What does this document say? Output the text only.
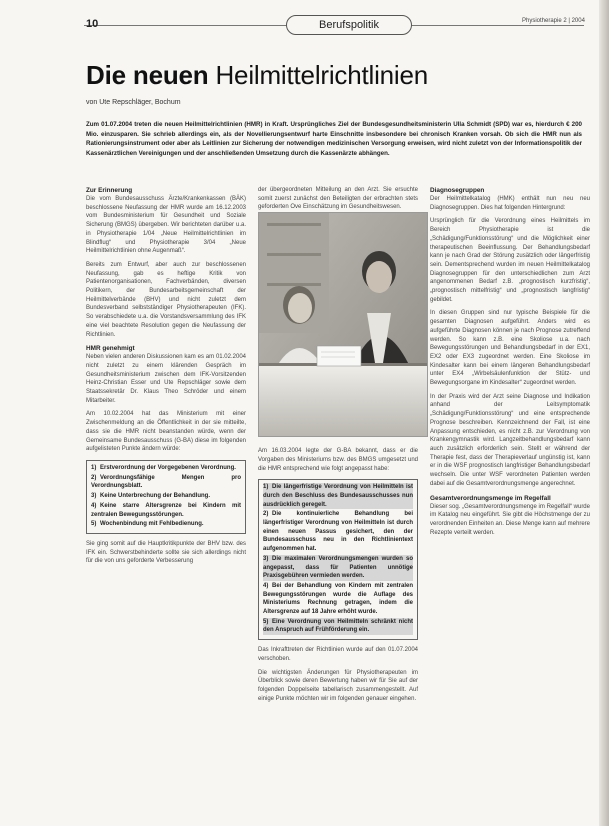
10	Berufspolitik	Physiotherapie 2 | 2004
Die neuen Heilmittelrichtlinien
von Ute Repschläger, Bochum

Zum 01.07.2004 treten die neuen Heilmittelrichtlinien (HMR) in Kraft. Ursprüngliches Ziel der Bundesgesundheitsministerin Ulla Schmidt (SPD) war es, hierdurch € 200 Mio. einzusparen. Sie schrieb allerdings ein, als der Novellierungsentwurf harte Einschnitte insbesondere bei chronisch Kranken vorsah. Ob sich die HMR nun als Rationierungsinstrument oder aber als Leitlinien zur Sicherung der notwendigen medizinischen Versorgung erweisen, wird nicht zuletzt von der Informationspolitik der Kassenärztlichen Vereinigungen und der anschließenden Umsetzung durch die Kassenärzte abhängen.

Zur Erinnerung

Die vom Bundesausschuss Ärzte/Krankenkassen (BÄK) beschlossene Neufassung der HMR wurde am 16.12.2003 vom Bundesministerium für Gesundheit und Soziale Sicherung (BMGS) übergeben. Wir berichteten darüber u.a. in Physiotherapie 1/04 „Neue Heilmittelrichtlinien im Blindflug“ und Physiotherapie 3/04 „Neue Heilmittelrichtlinien ohne Augenmaß“.

Bereits zum Entwurf, aber auch zur beschlossenen Neufassung, gab es heftige Kritik von Patientenorganisationen, Fachverbänden, diversen Politikern, der Bundesarbeitsgemeinschaft der Heilmittelverbände (BHV) und nicht zuletzt dem Bundesverband selbstständiger Physiotherapeuten (IFK). So verabschiedete u.a. die Vorstandsversammlung des IFK eine viel beachtete Resolution gegen die Neufassung der Richtlinien.

HMR genehmigt

Neben vielen anderen Diskussionen kam es am 01.02.2004 nicht zuletzt zu einem klärenden Gespräch im Gesundheitsministerium zwischen dem IFK-Vorsitzenden Heinz-Christian Esser und Ute Repschläger sowie dem Staatssekretär Dr. Klaus Theo Schröder und einem Mitarbeiter.

Am 10.02.2004 hat das Ministerium mit einer Zwischenmeldung an die Öffentlichkeit in der sie mitteilte, dass sie die HMR nicht beanstanden würde, wenn der Gemeinsame Bundesausschuss (G-BA) diese im folgenden aufgelisteten Punkte ändern würde:

1) Erstverordnung der Vorgegebenen Verordnung.
2) Verordnungsfähige Mengen pro Verordnungsblatt.
3) Keine Unterbrechung der Behandlung.
4) Keine starre Altersgrenze bei Kindern mit zentralen Bewegungsstörungen.
5) Wochenbindung mit Fehlbedienung.

Sie ging somit auf die Hauptkritikpunkte der BHV bzw. des IFK ein. Schwerstbehinderte sollte sie sich allerdings nicht für die von uns geforderte Verbesserung

der übergeordneten Mitteilung an den Arzt. Sie ersuchte somit zuerst zunächst den Beteiligten der erbrachten stets geforderten Ove Einschätzung im Gesundheitswesen.

Am 16.03.2004 legte der G-BA bekannt, dass er die Vorgaben des Ministeriums bzw. des BMGS umgesetzt und die HMR entsprechend wie folgt angepasst habe:

1) Die längerfristige Verordnung von Heilmitteln ist durch den Beschluss des Bundesausschusses nun ausdrücklich geregelt.
2) Die kontinuierliche Behandlung bei längerfristiger Verordnung von Heilmitteln ist durch einen neuen Passus gesichert, den der Bundesausschuss neu in den Richtlinientext aufgenommen hat.
3) Die maximalen Verordnungsmengen wurden so angepasst, dass für Patienten unnötige Praxisgebühren vermieden werden.
4) Bei der Behandlung von Kindern mit zentralen Bewegungsstörungen wurde die Auflage des Ministeriums Rechnung getragen, indem die Altersgrenze auf 18 Jahre erhöht wurde.
5) Eine Verordnung von Heilmitteln schränkt nicht den Anspruch auf Frühförderung ein.

Das Inkrafttreten der Richtlinien wurde auf den 01.07.2004 verschoben.

Die wichtigsten Änderungen für Physiotherapeuten im Überblick sowie deren Bewertung haben wir für Sie auf der folgenden Doppelseite tabellarisch zusammengestellt. Auf einige Punkte möchten wir im folgenden genauer eingehen.

Diagnosegruppen

Der Heilmittelkatalog (HMK) enthält nun neu neu Diagnosegruppen. Dies hat folgenden Hintergrund:

Ursprünglich für die Verordnung eines Heilmittels im Bereich Physiotherapie ist die „Schädigung/Funktionsstörung“ und die Möglichkeit einer therapeutischen Beeinflussung. Der Behandlungsbedarf kann je nach Grad der Störung zusätzlich oder längerfristig sein. Dementsprechend wurden im neuen Heilmittelkatalog Diagnosegruppen für den unterschiedlichen zum Arzt angenommenen Bedarf z.B. „prognostisch kurzfristig“, „prognostisch mittelfristig“ und „prognostisch langfristig“ gebildet.

In diesen Gruppen sind nur typische Beispiele für die gesamten Diagnosen aufgeführt. Anders wird es aufgeführte Diagnosen können je nach Prognose zutreffend werden. So kann z.B. eine Skoliose u.a. nach Bewegungsstörungen und Behandlungsbedarf in der EX1, EX2 oder EX3 zugeordnet werden. Eine Skoliose im Kindesalter kann bei einem längeren Behandlungsbedarf unter EX4 „Wirbelsäulenfunktion der Stütz- und Bewegungsorgane im Kindesalter“ zugeordnet werden.

In der Praxis wird der Arzt seine Diagnose und Indikation anhand der Leitsymptomatik „Schädigung/Funktionsstörung“ und eine entsprechende Prognose beschreiben. Kennzeichnend der Fall, ist eine Anpassung entschieden, es nicht z.B. zur Verordnung von Krankengymnastik wird. Langzeitbehandlungsbedarf kann auch zusätzlich erforderlich sein. Stellt er während der Therapie fest, dass der Therapieverlauf ungünstig ist, kann er in die WSF prognostisch langfristiger Behandlungsbedarf wechseln. Die unter WSF verordneten Patienten werden dabei auf die Gesamtverordnungsmenge angerechnet.

Gesamtverordnungsmenge im Regelfall

Dieser sog. „Gesamtverordnungsmenge im Regelfall“ wurde im Katalog neu eingeführt. Sie gibt die Höchstmenge der zu verordnenden Einheiten an. Diese Menge kann auf mehrere Rezepte verteilt werden.
